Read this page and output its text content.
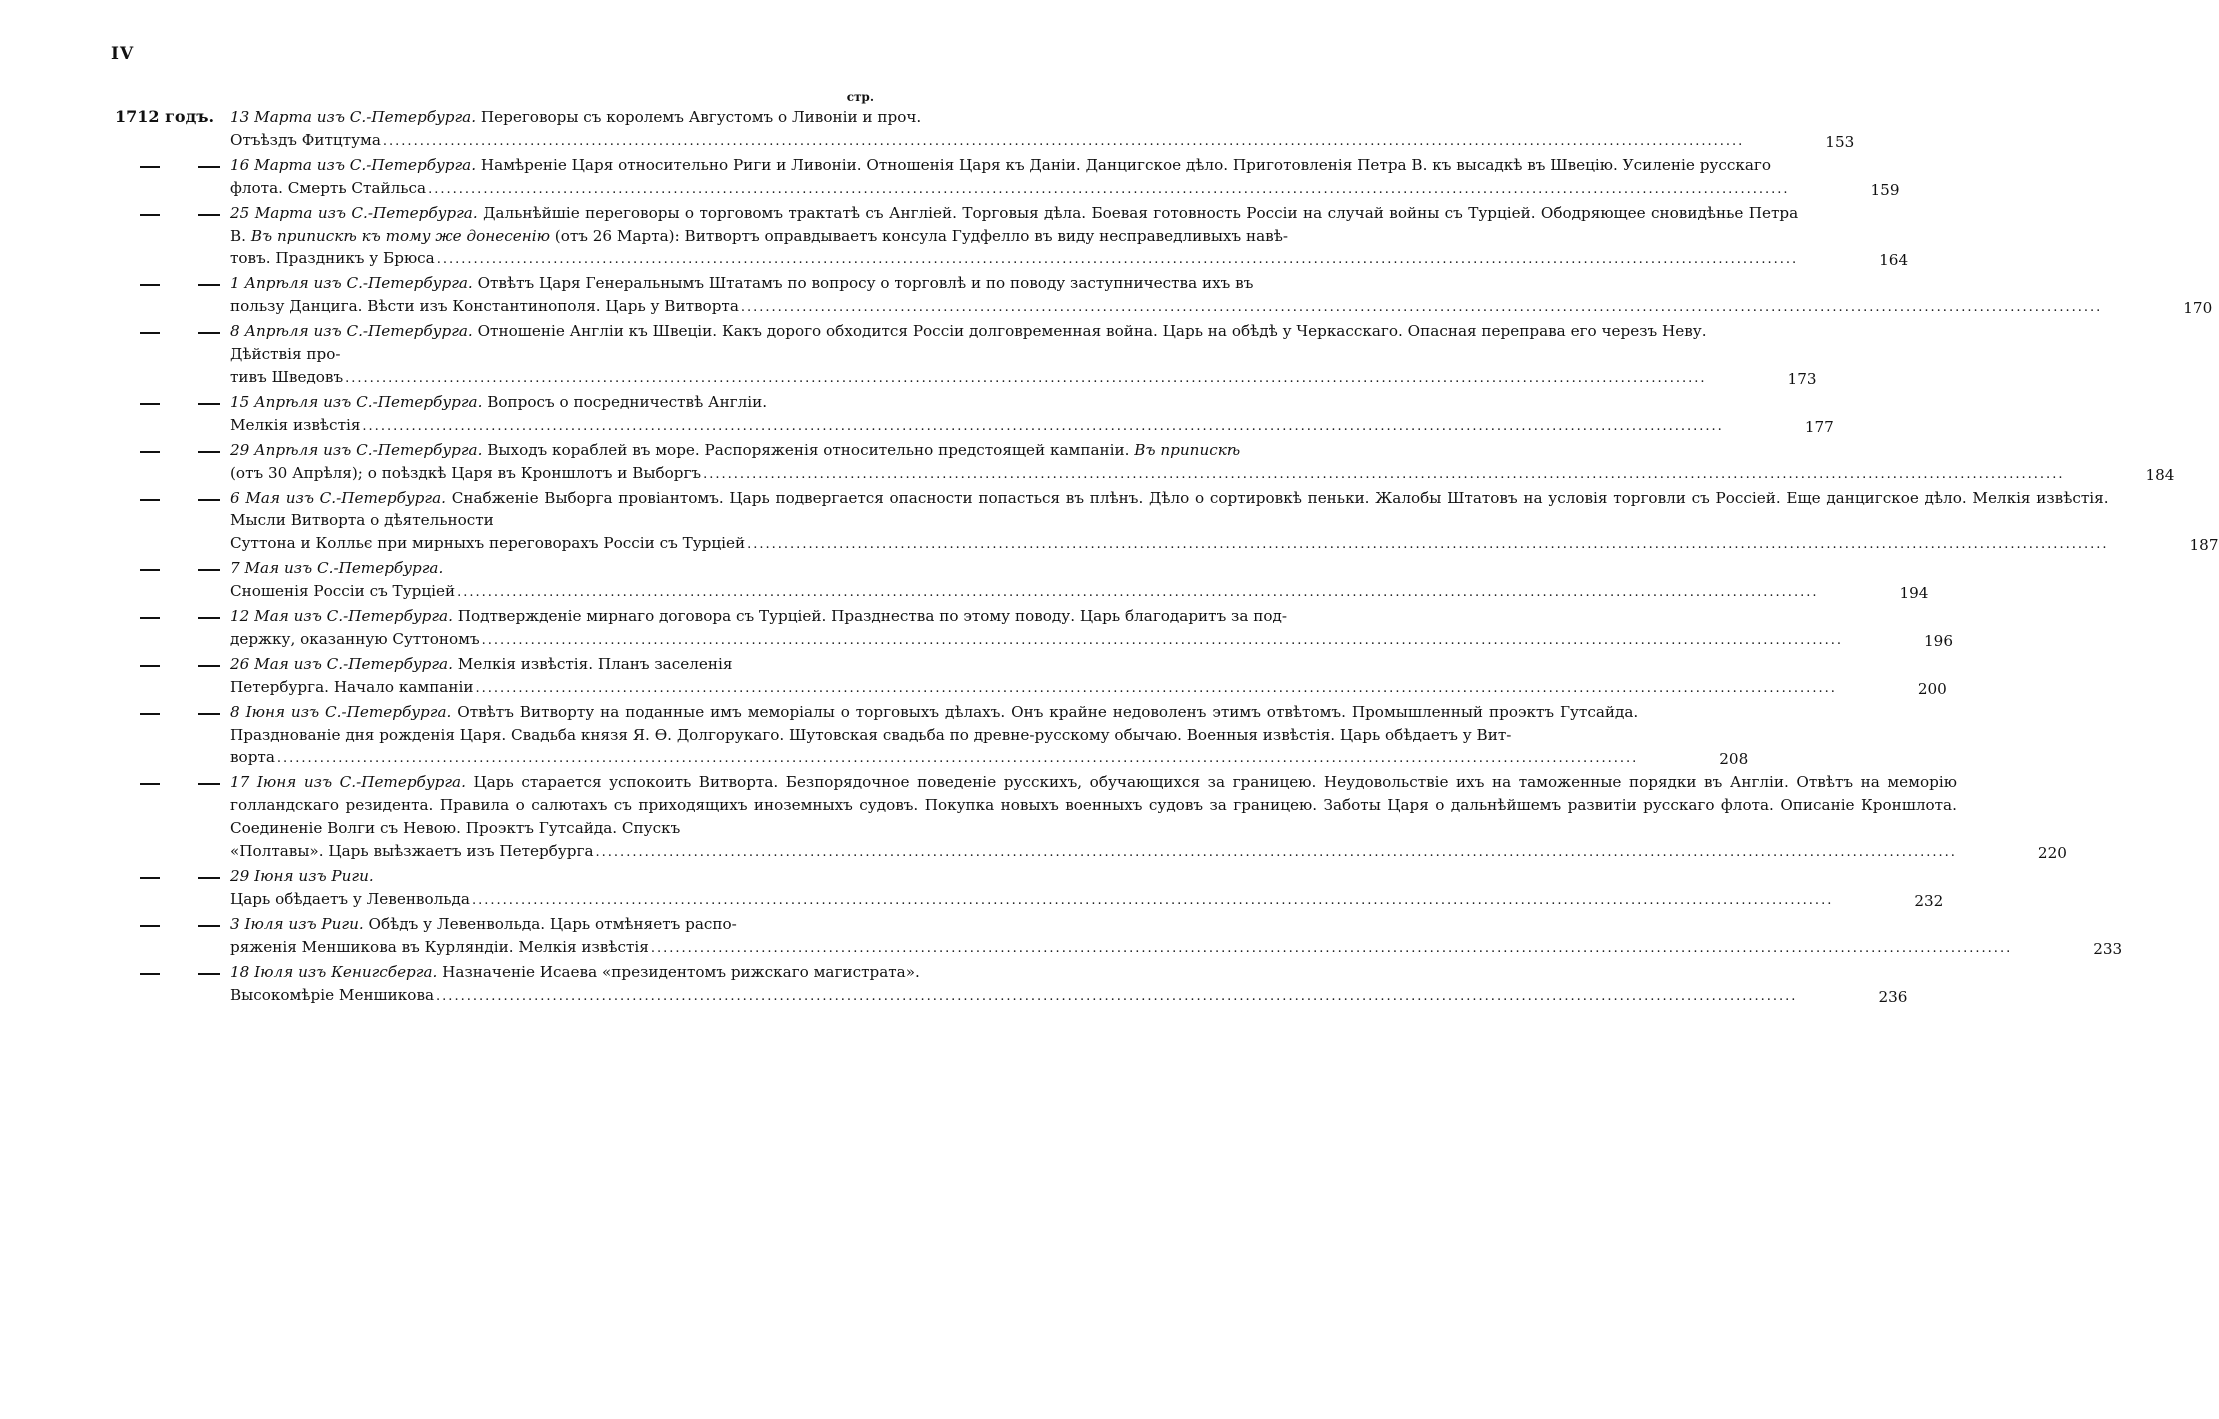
IV
стр.
1712 годъ.	13 Марта изъ С.-Петербурга. Переговоры съ королемъ Августомъ о Ливоніи и проч.
Отъѣздъ Фитцтума .....	153
16 Марта изъ С.-Петербурга. Намѣреніе Царя относительно Риги и Ливоніи. Отношенія Царя къ Даніи. Данцигское дѣло. Приготовленія Петра В. къ высадкѣ въ Швецію. Усиленіе русскаго
флота. Смерть Стайльса .....	159
25 Марта изъ С.-Петербурга. Дальнѣйшіе переговоры о торговомъ трактатѣ съ Англіей. Торговыя дѣла. Боевая готовность Россіи на случай войны съ Турціей. Ободряющее сновидѣнье Петра В. Въ припискѣ къ тому же донесенію (отъ 26 Марта): Витвортъ оправдываетъ консула Гудфелло въ виду несправедливыхъ навѣ-
товъ. Праздникъ у Брюса .....	164
1 Апрѣля изъ С.-Петербурга. Отвѣтъ Царя Генеральнымъ Штатамъ по вопросу о торговлѣ и по поводу заступничества ихъ въ
пользу Данцига. Вѣсти изъ Константинополя. Царь у Витворта .....	170
8 Апрѣля изъ С.-Петербурга. Отношеніе Англіи къ Швеціи. Какъ дорого обходится Россіи долговременная война. Царь на обѣдѣ у Черкасскаго. Опасная переправа его черезъ Неву. Дѣйствія про-
тивъ Шведовъ .....	173
15 Апрѣля изъ С.-Петербурга. Вопросъ о посредничествѣ Англіи.
Мелкія извѣстія .....	177
29 Апрѣля изъ С.-Петербурга. Выходъ кораблей въ море. Распоряженія относительно предстоящей кампаніи. Въ припискѣ
(отъ 30 Апрѣля); о поѣздкѣ Царя въ Кроншлотъ и Выборгъ .....	184
6 Мая изъ С.-Петербурга. Снабженіе Выборга провіантомъ. Царь подвергается опасности попасться въ плѣнъ. Дѣло о сортировкѣ пеньки. Жалобы Штатовъ на условія торговли съ Россіей. Еще данцигское дѣло. Мелкія извѣстія. Мысли Витворта о дѣятельности
Суттона и Колльє при мирныхъ переговорахъ Россіи съ Турціей .....	187
7 Мая изъ С.-Петербурга.
Сношенія Россіи съ Турціей .....	194
12 Мая изъ С.-Петербурга. Подтвержденіе мирнаго договора съ Турціей. Празднества по этому поводу. Царь благодаритъ за под-
держку, оказанную Суттономъ .....	196
26 Мая изъ С.-Петербурга. Мелкія извѣстія. Планъ заселенія
Петербурга. Начало кампаніи .....	200
8 Іюня изъ С.-Петербурга. Отвѣтъ Витворту на поданные имъ меморіалы о торговыхъ дѣлахъ. Онъ крайне недоволенъ этимъ отвѣтомъ. Промышленный проэктъ Гутсайда. Празднованіе дня рожденія Царя. Свадьба князя Я. Ѳ. Долгорукаго. Шутовская свадьба по древне-русскому обычаю. Военныя извѣстія. Царь обѣдаетъ у Вит-
ворта .....	208
17 Іюня изъ С.-Петербурга. Царь старается успокоить Витворта. Безпорядочное поведеніе русскихъ, обучающихся за границею. Неудовольствіе ихъ на таможенные порядки въ Англіи. Отвѣтъ на меморію голландскаго резидента. Правила о салютахъ съ приходящихъ иноземныхъ судовъ. Покупка новыхъ военныхъ судовъ за границею. Заботы Царя о дальнѣйшемъ развитіи русскаго флота. Описаніе Кроншлота. Соединеніе Волги съ Невою. Проэктъ Гутсайда. Спускъ
«Полтавы». Царь выѣзжаетъ изъ Петербурга .....	220
29 Іюня изъ Риги.
Царь обѣдаетъ у Левенвольда .....	232
3 Іюля изъ Риги. Обѣдъ у Левенвольда. Царь отмѣняетъ распо-
ряженія Меншикова въ Курляндіи. Мелкія извѣстія .....	233
18 Іюля изъ Кенигсберга. Назначеніе Исаева «президентомъ рижскаго магистрата».
Высокомѣріе Меншикова .....	236
